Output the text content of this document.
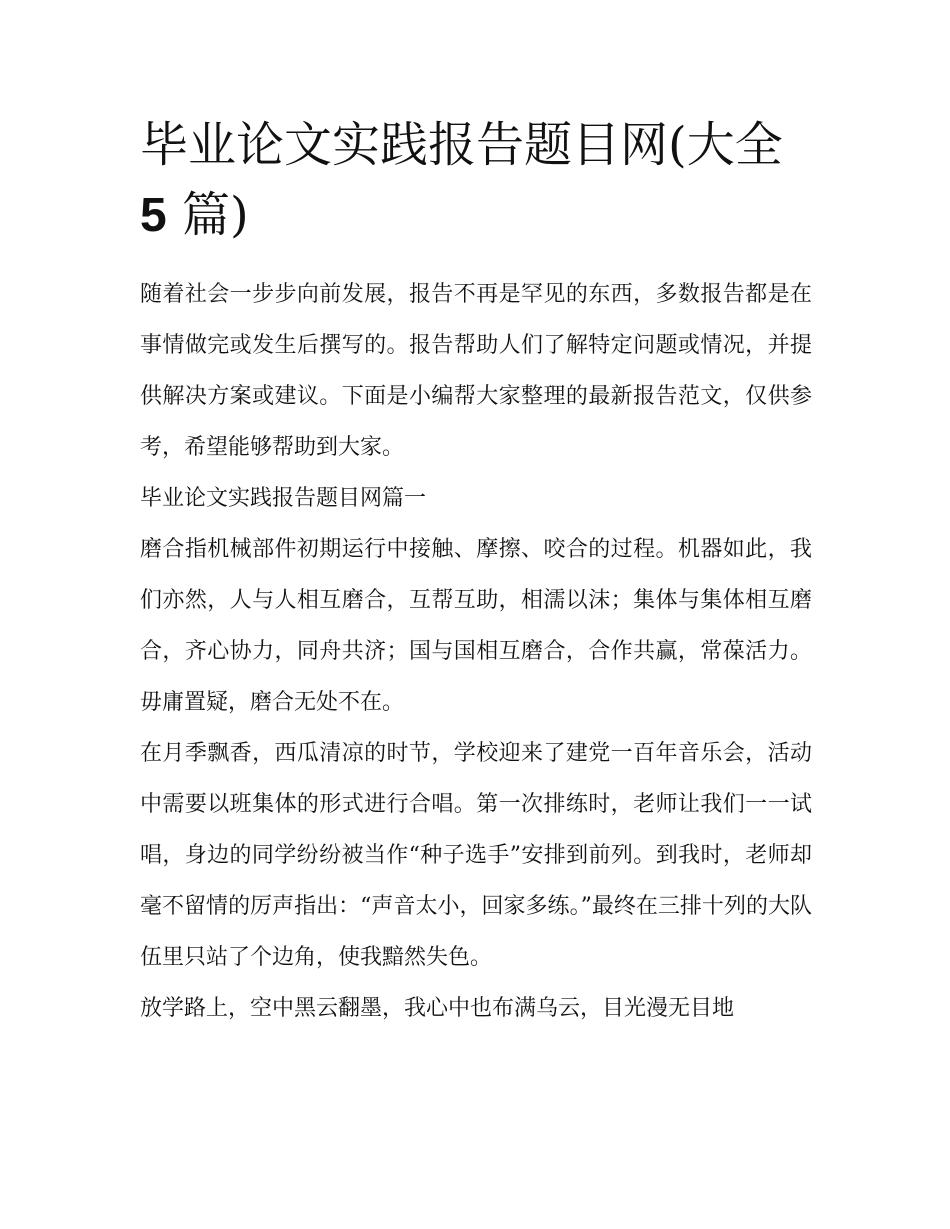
毕业论文实践报告题目网(大全
5 篇)

随着社会一步步向前发展，报告不再是罕见的东西，多数报告都是在事情做完或发生后撰写的。报告帮助人们了解特定问题或情况，并提供解决方案或建议。下面是小编帮大家整理的最新报告范文，仅供参考，希望能够帮助到大家。

毕业论文实践报告题目网篇一

磨合指机械部件初期运行中接触、摩擦、咬合的过程。机器如此，我们亦然，人与人相互磨合，互帮互助，相濡以沫；集体与集体相互磨合，齐心协力，同舟共济；国与国相互磨合，合作共赢，常葆活力。毋庸置疑，磨合无处不在。

在月季飘香，西瓜清凉的时节，学校迎来了建党一百年音乐会，活动中需要以班集体的形式进行合唱。第一次排练时，老师让我们一一试唱，身边的同学纷纷被当作“种子选手”安排到前列。到我时，老师却毫不留情的厉声指出：“声音太小，回家多练。”最终在三排十列的大队伍里只站了个边角，使我黯然失色。

放学路上，空中黑云翻墨，我心中也布满乌云，目光漫无目地
